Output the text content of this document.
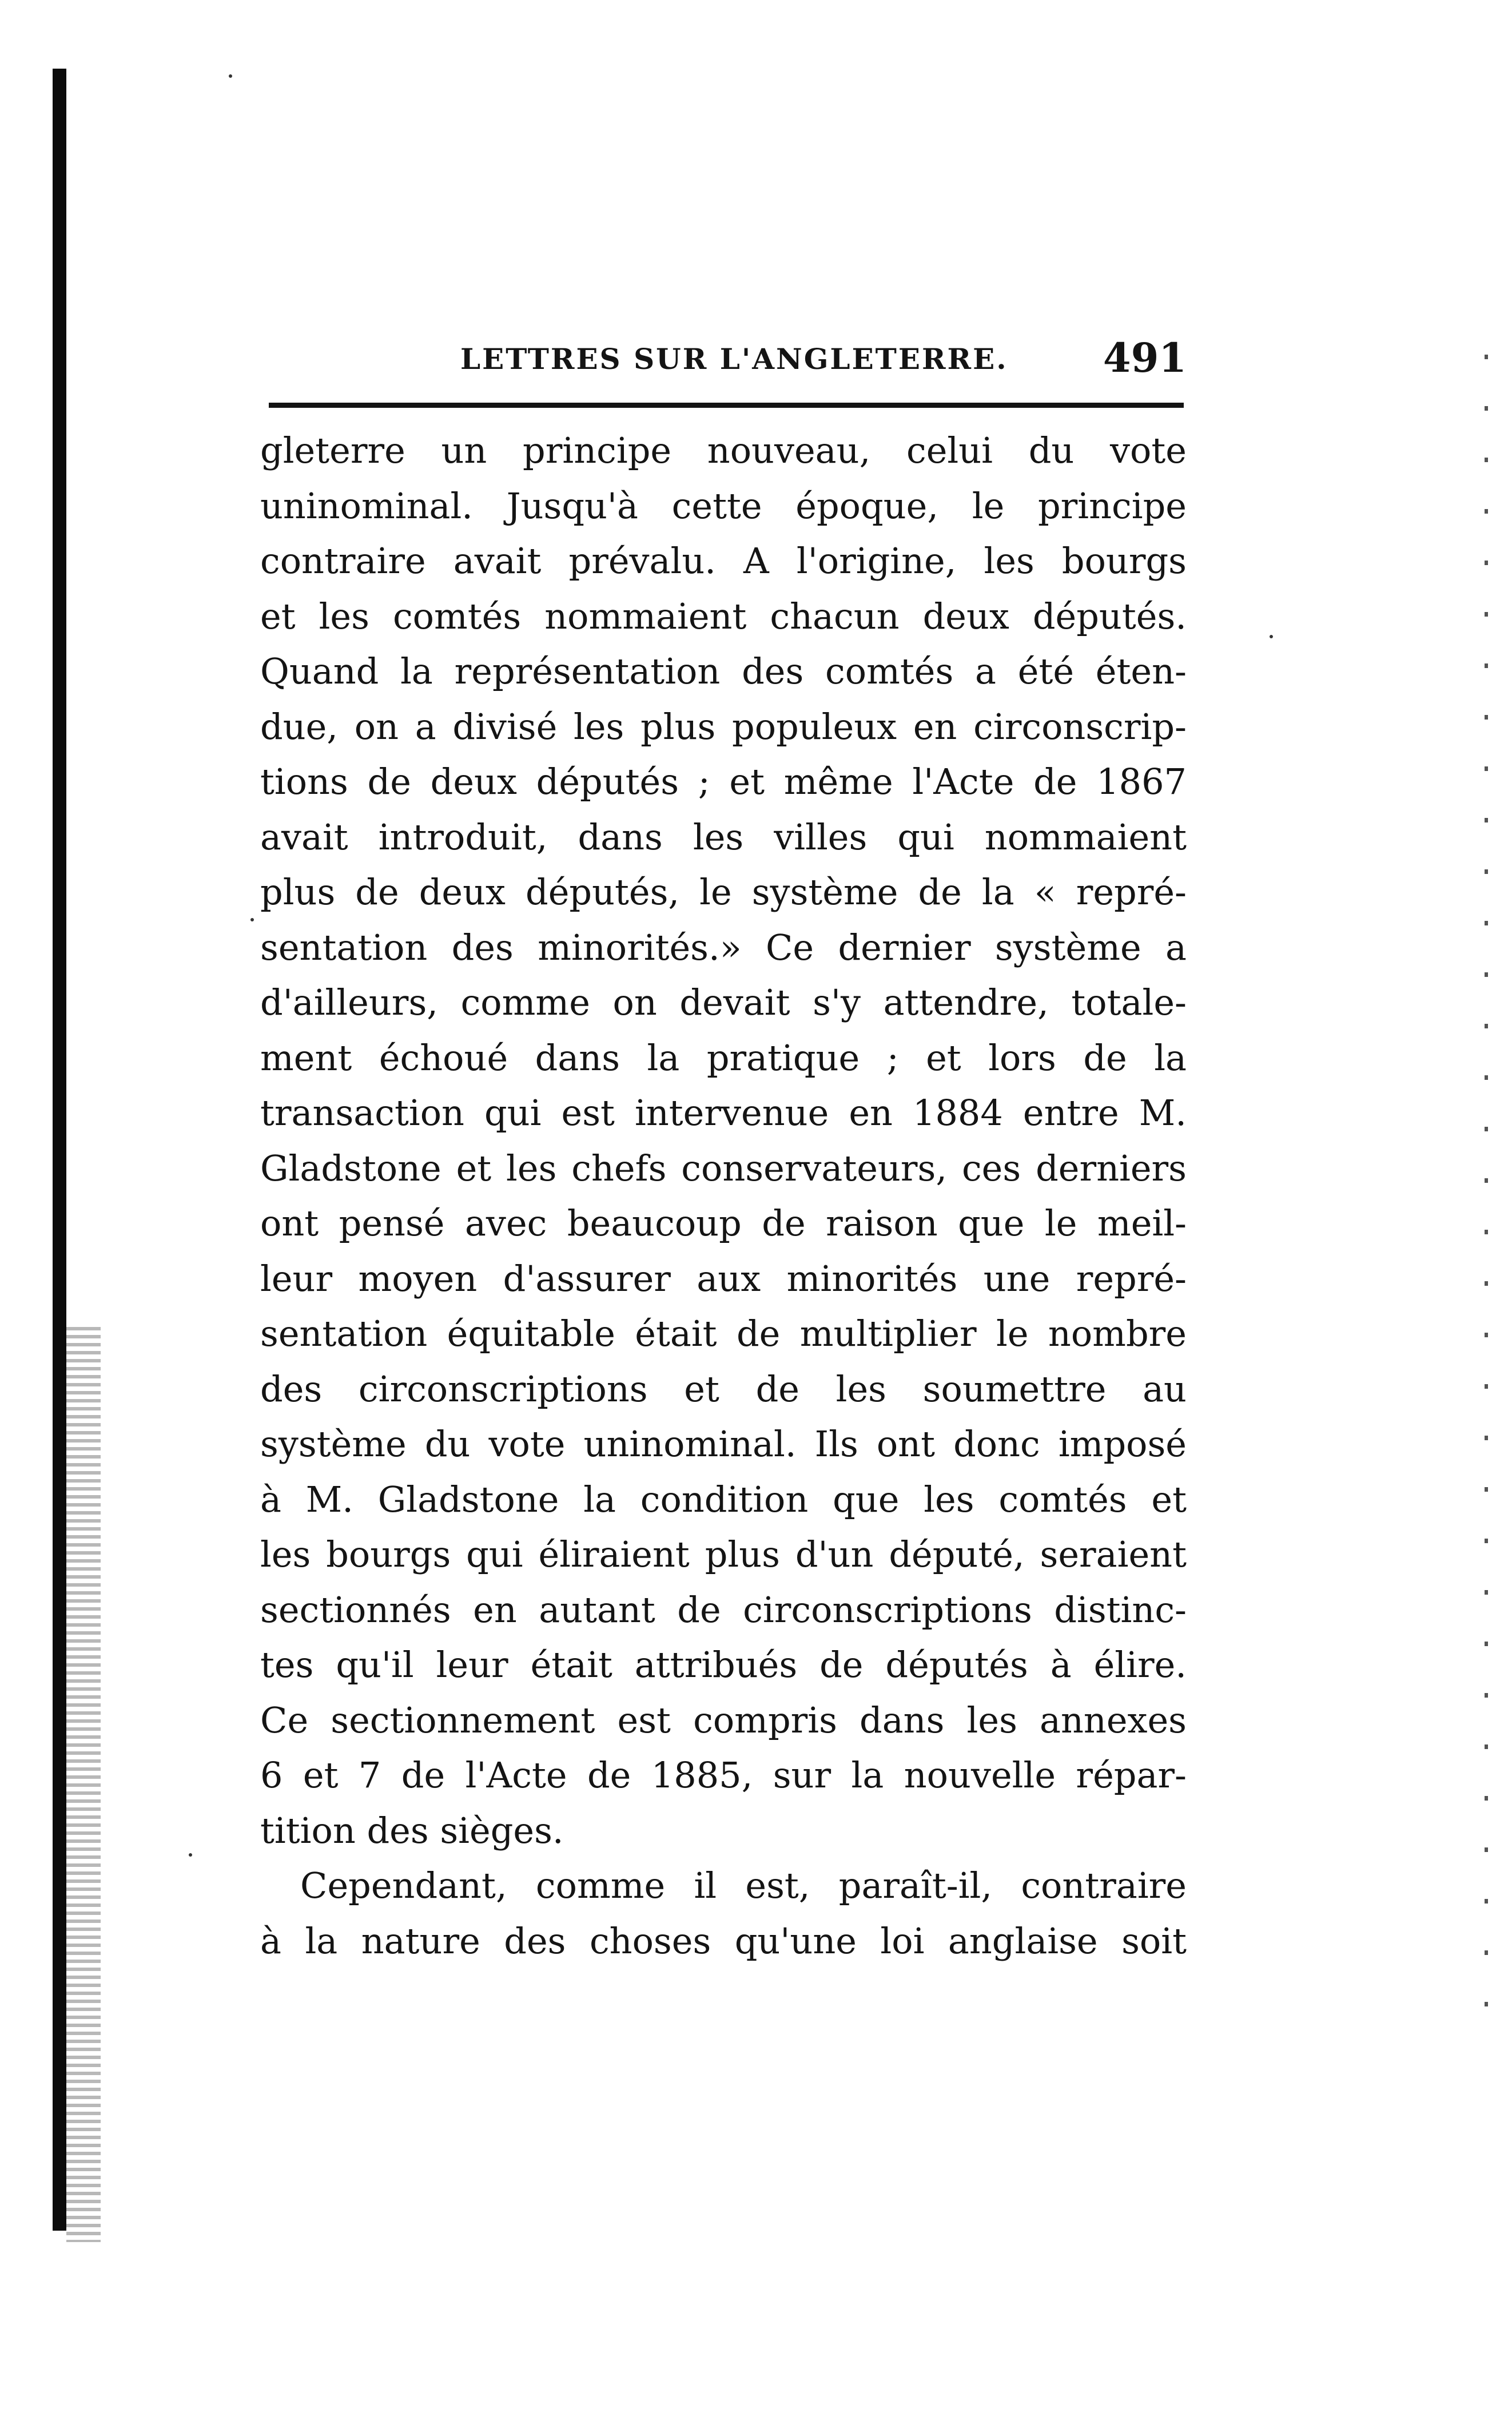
LETTRES SUR L'ANGLETERRE. 491
gleterre un principe nouveau, celui du vote
uninominal. Jusqu'à cette époque, le principe
contraire avait prévalu. A l'origine, les bourgs
et les comtés nommaient chacun deux députés.
Quand la représentation des comtés a été éten-
due, on a divisé les plus populeux en circonscrip-
tions de deux députés ; et même l'Acte de 1867
avait introduit, dans les villes qui nommaient
plus de deux députés, le système de la « repré-
sentation des minorités.» Ce dernier système a
d'ailleurs, comme on devait s'y attendre, totale-
ment échoué dans la pratique ; et lors de la
transaction qui est intervenue en 1884 entre M.
Gladstone et les chefs conservateurs, ces derniers
ont pensé avec beaucoup de raison que le meil-
leur moyen d'assurer aux minorités une repré-
sentation équitable était de multiplier le nombre
des circonscriptions et de les soumettre au
système du vote uninominal. Ils ont donc imposé
à M. Gladstone la condition que les comtés et
les bourgs qui éliraient plus d'un député, seraient
sectionnés en autant de circonscriptions distinc-
tes qu'il leur était attribués de députés à élire.
Ce sectionnement est compris dans les annexes
6 et 7 de l'Acte de 1885, sur la nouvelle répar-
tition des sièges.
Cependant, comme il est, paraît-il, contraire
à la nature des choses qu'une loi anglaise soit
